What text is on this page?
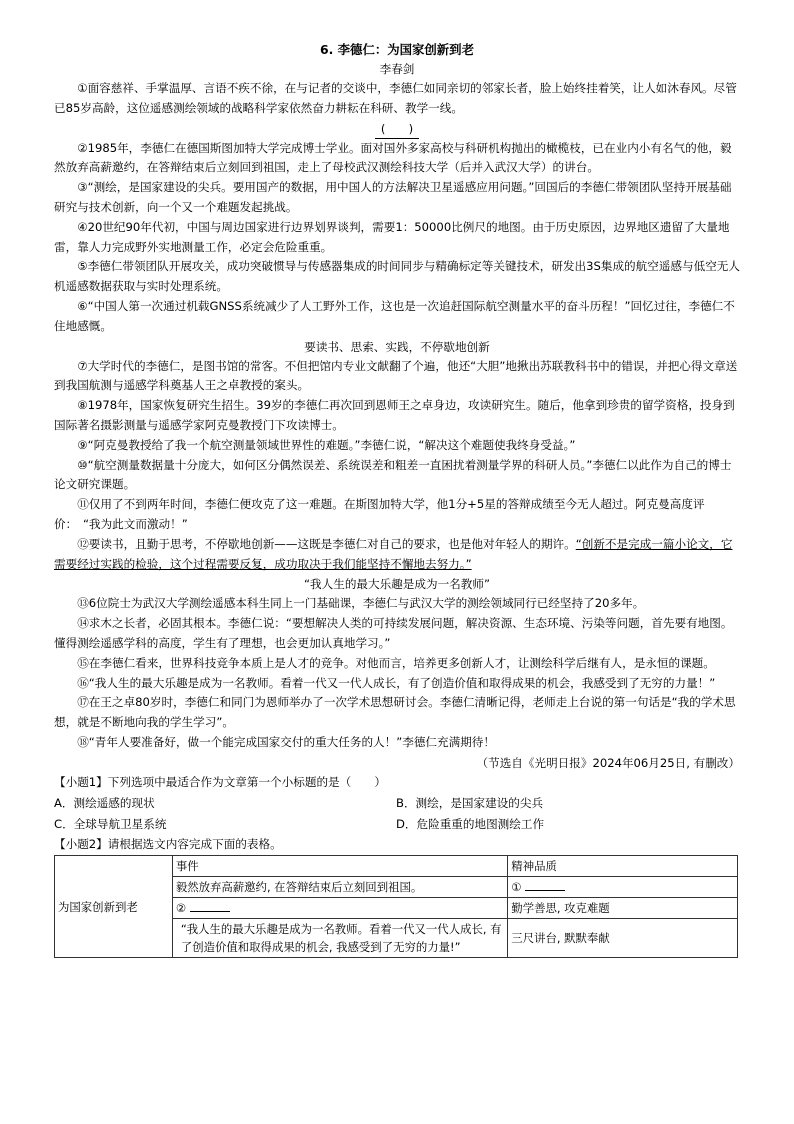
6. 李德仁：为国家创新到老
李春剑

①面容慈祥、手掌温厚、言语不疾不徐，在与记者的交谈中，李德仁如同亲切的邻家长者，脸上始终挂着笑，让人如沐春风。尽管已85岁高龄，这位遥感测绘领域的战略科学家依然奋力耕耘在科研、教学一线。

(　　)

②1985年，李德仁在德国斯图加特大学完成博士学业。面对国外多家高校与科研机构抛出的橄榄枝，已在业内小有名气的他，毅然放弃高薪邀约，在答辩结束后立刻回到祖国，走上了母校武汉测绘科技大学（后并入武汉大学）的讲台。

③“测绘，是国家建设的尖兵。要用国产的数据，用中国人的方法解决卫星遥感应用问题。”回国后的李德仁带领团队坚持开展基础研究与技术创新，向一个又一个难题发起挑战。

④20世纪90年代初，中国与周边国家进行边界划界谈判，需要1：50000比例尺的地图。由于历史原因，边界地区遗留了大量地雷，靠人力完成野外实地测量工作，必定会危险重重。

⑤李德仁带领团队开展攻关，成功突破惯导与传感器集成的时间同步与精确标定等关键技术，研发出3S集成的航空遥感与低空无人机遥感数据获取与实时处理系统。

⑥“中国人第一次通过机载GNSS系统减少了人工野外工作，这也是一次追赶国际航空测量水平的奋斗历程！”回忆过往，李德仁不住地感慨。

要读书、思索、实践，不停歇地创新

⑦大学时代的李德仁，是图书馆的常客。不但把馆内专业文献翻了个遍，他还“大胆”地揪出苏联教科书中的错误，并把心得文章送到我国航测与遥感学科奠基人王之卓教授的案头。

⑧1978年，国家恢复研究生招生。39岁的李德仁再次回到恩师王之卓身边，攻读研究生。随后，他拿到珍贵的留学资格，投身到国际著名摄影测量与遥感学家阿克曼教授门下攻读博士。

⑨“阿克曼教授给了我一个航空测量领域世界性的难题。”李德仁说，“解决这个难题使我终身受益。”

⑩“航空测量数据量十分庞大，如何区分偶然误差、系统误差和粗差一直困扰着测量学界的科研人员。”李德仁以此作为自己的博士论文研究课题。

⑪仅用了不到两年时间，李德仁便攻克了这一难题。在斯图加特大学，他1分+5星的答辩成绩至今无人超过。阿克曼高度评价：　“我为此文而激动！”

⑫要读书，且勤于思考，不停歇地创新——这既是李德仁对自己的要求，也是他对年轻人的期许。“创新不是完成一篇小论文，它需要经过实践的检验，这个过程需要反复，成功取决于我们能坚持不懈地去努力。”

“我人生的最大乐趣是成为一名教师”

⑬6位院士为武汉大学测绘遥感本科生同上一门基础课，李德仁与武汉大学的测绘领域同行已经坚持了20多年。

⑭求木之长者，必固其根本。李德仁说：“要想解决人类的可持续发展问题，解决资源、生态环境、污染等问题，首先要有地图。懂得测绘遥感学科的高度，学生有了理想，也会更加认真地学习。”

⑮在李德仁看来，世界科技竞争本质上是人才的竞争。对他而言，培养更多创新人才，让测绘科学后继有人，是永恒的课题。

⑯“我人生的最大乐趣是成为一名教师。看着一代又一代人成长，有了创造价值和取得成果的机会，我感受到了无穷的力量！”

⑰在王之卓80岁时，李德仁和同门为恩师举办了一次学术思想研讨会。李德仁清晰记得，老师走上台说的第一句话是“我的学术思想，就是不断地向我的学生学习”。

⑱“青年人要准备好，做一个能完成国家交付的重大任务的人！”李德仁充满期待！

（节选自《光明日报》2024年06月25日, 有删改）

【小题1】下列选项中最适合作为文章第一个小标题的是（　　）

A．测绘遥感的现状	B．测绘，是国家建设的尖兵
C．全球导航卫星系统	D．危险重重的地图测绘工作

【小题2】请根据选文内容完成下面的表格。

为国家创新到老	事件	精神品质
	毅然放弃高薪邀约, 在答辩结束后立刻回到祖国。	①
	②	勤学善思, 攻克难题
	“我人生的最大乐趣是成为一名教师。看着一代又一代人成长, 有了创造价值和取得成果的机会, 我感受到了无穷的力量!”	三尺讲台, 默默奉献
